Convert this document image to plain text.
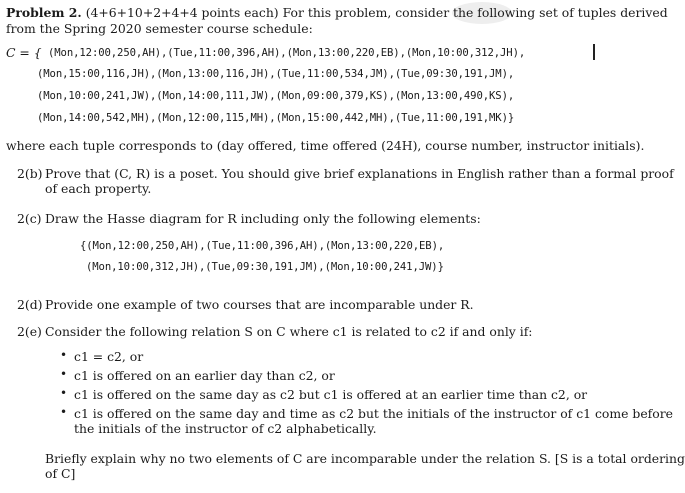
Problem 2. (4+6+10+2+4+4 points each) For this problem, consider the following set of tuples derived
from the Spring 2020 semester course schedule:
C = { (Mon,12:00,250,AH),(Tue,11:00,396,AH),(Mon,13:00,220,EB),(Mon,10:00,312,JH),
(Mon,15:00,116,JH),(Mon,13:00,116,JH),(Tue,11:00,534,JM),(Tue,09:30,191,JM),
(Mon,10:00,241,JW),(Mon,14:00,111,JW),(Mon,09:00,379,KS),(Mon,13:00,490,KS),
(Mon,14:00,542,MH),(Mon,12:00,115,MH),(Mon,15:00,442,MH),(Tue,11:00,191,MK)}
where each tuple corresponds to (day offered, time offered (24H), course number, instructor initials).
2(b) Prove that (C, R) is a poset. You should give brief explanations in English rather than a formal proof
of each property.
2(c) Draw the Hasse diagram for R including only the following elements:
{(Mon,12:00,250,AH),(Tue,11:00,396,AH),(Mon,13:00,220,EB),
(Mon,10:00,312,JH),(Tue,09:30,191,JM),(Mon,10:00,241,JW)}
2(d) Provide one example of two courses that are incomparable under R.
2(e) Consider the following relation S on C where c1 is related to c2 if and only if:
• c1 = c2, or
• c1 is offered on an earlier day than c2, or
• c1 is offered on the same day as c2 but c1 is offered at an earlier time than c2, or
• c1 is offered on the same day and time as c2 but the initials of the instructor of c1 come before
the initials of the instructor of c2 alphabetically.
Briefly explain why no two elements of C are incomparable under the relation S. [S is a total ordering
of C]
